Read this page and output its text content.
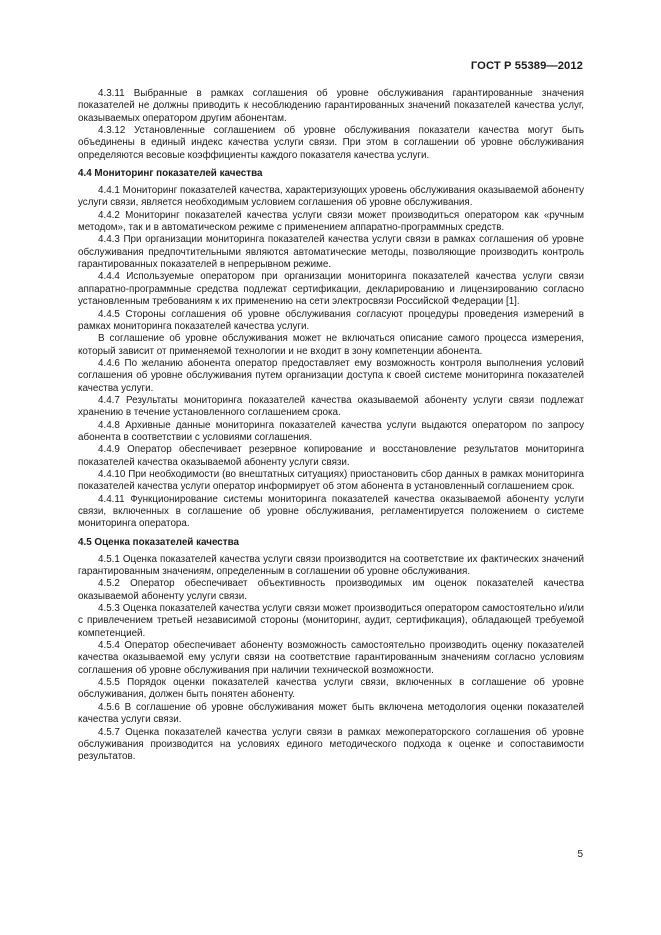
ГОСТ Р 55389—2012

4.3.11 Выбранные в рамках соглашения об уровне обслуживания гарантированные значения показателей не должны приводить к несоблюдению гарантированных значений показателей качества услуг, оказываемых оператором другим абонентам.

4.3.12 Установленные соглашением об уровне обслуживания показатели качества могут быть объединены в единый индекс качества услуги связи. При этом в соглашении об уровне обслуживания определяются весовые коэффициенты каждого показателя качества услуги.

4.4 Мониторинг показателей качества

4.4.1 Мониторинг показателей качества, характеризующих уровень обслуживания оказываемой абоненту услуги связи, является необходимым условием соглашения об уровне обслуживания.

4.4.2 Мониторинг показателей качества услуги связи может производиться оператором как «ручным методом», так и в автоматическом режиме с применением аппаратно-программных средств.

4.4.3 При организации мониторинга показателей качества услуги связи в рамках соглашения об уровне обслуживания предпочтительными являются автоматические методы, позволяющие производить контроль гарантированных показателей в непрерывном режиме.

4.4.4 Используемые оператором при организации мониторинга показателей качества услуги связи аппаратно-программные средства подлежат сертификации, декларированию и лицензированию согласно установленным требованиям к их применению на сети электросвязи Российской Федерации [1].

4.4.5 Стороны соглашения об уровне обслуживания согласуют процедуры проведения измерений в рамках мониторинга показателей качества услуги.

В соглашение об уровне обслуживания может не включаться описание самого процесса измерения, который зависит от применяемой технологии и не входит в зону компетенции абонента.

4.4.6 По желанию абонента оператор предоставляет ему возможность контроля выполнения условий соглашения об уровне обслуживания путем организации доступа к своей системе мониторинга показателей качества услуги.

4.4.7 Результаты мониторинга показателей качества оказываемой абоненту услуги связи подлежат хранению в течение установленного соглашением срока.

4.4.8 Архивные данные мониторинга показателей качества услуги выдаются оператором по запросу абонента в соответствии с условиями соглашения.

4.4.9 Оператор обеспечивает резервное копирование и восстановление результатов мониторинга показателей качества оказываемой абоненту услуги связи.

4.4.10 При необходимости (во внештатных ситуациях) приостановить сбор данных в рамках мониторинга показателей качества услуги оператор информирует об этом абонента в установленный соглашением срок.

4.4.11 Функционирование системы мониторинга показателей качества оказываемой абоненту услуги связи, включенных в соглашение об уровне обслуживания, регламентируется положением о системе мониторинга оператора.

4.5 Оценка показателей качества

4.5.1 Оценка показателей качества услуги связи производится на соответствие их фактических значений гарантированным значениям, определенным в соглашении об уровне обслуживания.

4.5.2 Оператор обеспечивает объективность производимых им оценок показателей качества оказываемой абоненту услуги связи.

4.5.3 Оценка показателей качества услуги связи может производиться оператором самостоятельно и/или с привлечением третьей независимой стороны (мониторинг, аудит, сертификация), обладающей требуемой компетенцией.

4.5.4 Оператор обеспечивает абоненту возможность самостоятельно производить оценку показателей качества оказываемой ему услуги связи на соответствие гарантированным значениям согласно условиям соглашения об уровне обслуживания при наличии технической возможности.

4.5.5 Порядок оценки показателей качества услуги связи, включенных в соглашение об уровне обслуживания, должен быть понятен абоненту.

4.5.6 В соглашение об уровне обслуживания может быть включена методология оценки показателей качества услуги связи.

4.5.7 Оценка показателей качества услуги связи в рамках межоператорского соглашения об уровне обслуживания производится на условиях единого методического подхода к оценке и сопоставимости результатов.

5
